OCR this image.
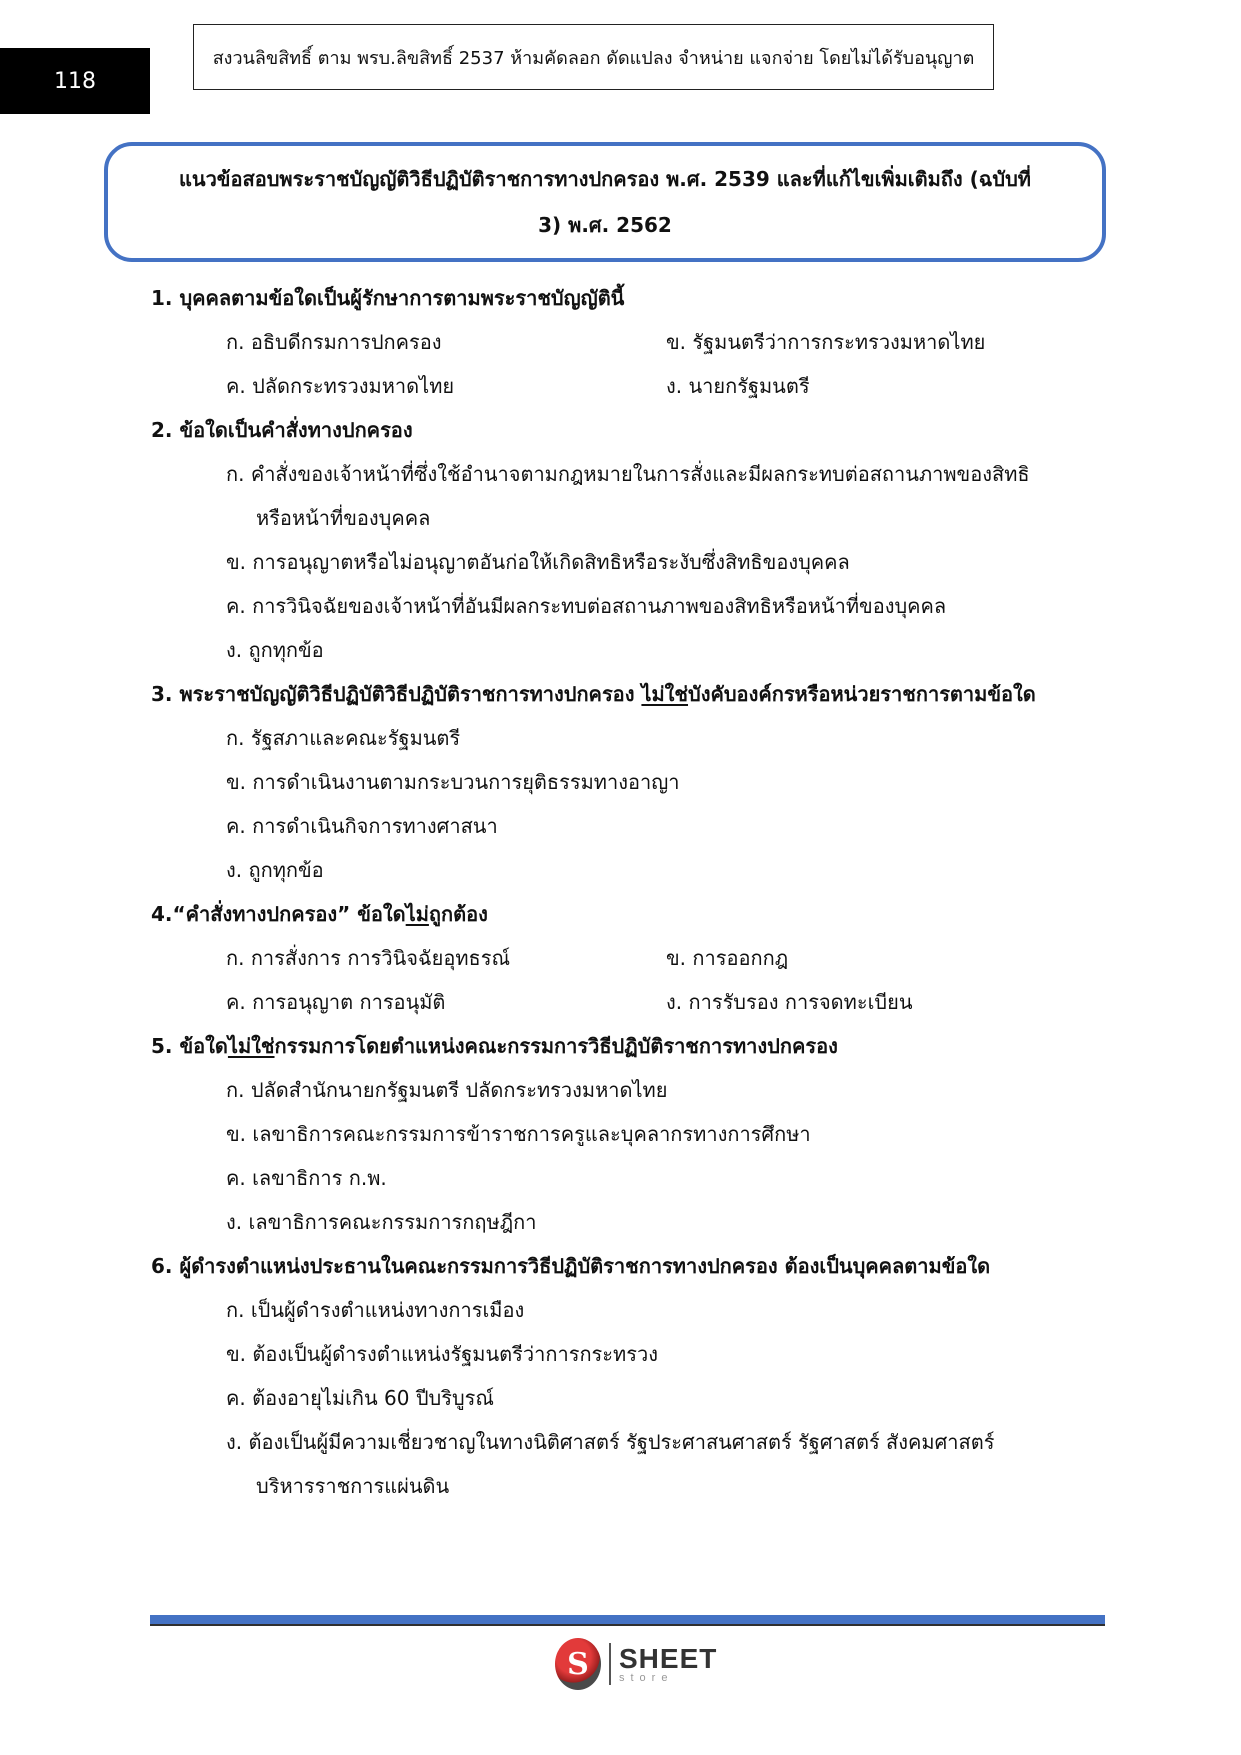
118
สงวนลิขสิทธิ์ ตาม พรบ.ลิขสิทธิ์ 2537 ห้ามคัดลอก ดัดแปลง จำหน่าย แจกจ่าย โดยไม่ได้รับอนุญาต
แนวข้อสอบพระราชบัญญัติวิธีปฏิบัติราชการทางปกครอง พ.ศ. 2539 และที่แก้ไขเพิ่มเติมถึง (ฉบับที่
3) พ.ศ. 2562
1. บุคคลตามข้อใดเป็นผู้รักษาการตามพระราชบัญญัตินี้
ก. อธิบดีกรมการปกครอง	ข. รัฐมนตรีว่าการกระทรวงมหาดไทย
ค. ปลัดกระทรวงมหาดไทย	ง. นายกรัฐมนตรี
2. ข้อใดเป็นคำสั่งทางปกครอง
ก. คำสั่งของเจ้าหน้าที่ซึ่งใช้อำนาจตามกฎหมายในการสั่งและมีผลกระทบต่อสถานภาพของสิทธิ
หรือหน้าที่ของบุคคล
ข. การอนุญาตหรือไม่อนุญาตอันก่อให้เกิดสิทธิหรือระงับซึ่งสิทธิของบุคคล
ค. การวินิจฉัยของเจ้าหน้าที่อันมีผลกระทบต่อสถานภาพของสิทธิหรือหน้าที่ของบุคคล
ง. ถูกทุกข้อ
3. พระราชบัญญัติวิธีปฏิบัติวิธีปฏิบัติราชการทางปกครอง ไม่ใช่บังคับองค์กรหรือหน่วยราชการตามข้อใด
ก. รัฐสภาและคณะรัฐมนตรี
ข. การดำเนินงานตามกระบวนการยุติธรรมทางอาญา
ค. การดำเนินกิจการทางศาสนา
ง. ถูกทุกข้อ
4.“คำสั่งทางปกครอง” ข้อใดไม่ถูกต้อง
ก. การสั่งการ การวินิจฉัยอุทธรณ์	ข. การออกกฎ
ค. การอนุญาต การอนุมัติ	ง. การรับรอง การจดทะเบียน
5. ข้อใดไม่ใช่กรรมการโดยตำแหน่งคณะกรรมการวิธีปฏิบัติราชการทางปกครอง
ก. ปลัดสำนักนายกรัฐมนตรี ปลัดกระทรวงมหาดไทย
ข. เลขาธิการคณะกรรมการข้าราชการครูและบุคลากรทางการศึกษา
ค. เลขาธิการ ก.พ.
ง. เลขาธิการคณะกรรมการกฤษฎีกา
6. ผู้ดำรงตำแหน่งประธานในคณะกรรมการวิธีปฏิบัติราชการทางปกครอง ต้องเป็นบุคคลตามข้อใด
ก. เป็นผู้ดำรงตำแหน่งทางการเมือง
ข. ต้องเป็นผู้ดำรงตำแหน่งรัฐมนตรีว่าการกระทรวง
ค. ต้องอายุไม่เกิน 60 ปีบริบูรณ์
ง. ต้องเป็นผู้มีความเชี่ยวชาญในทางนิติศาสตร์ รัฐประศาสนศาสตร์ รัฐศาสตร์ สังคมศาสตร์
บริหารราชการแผ่นดิน
S	SHEET
store
